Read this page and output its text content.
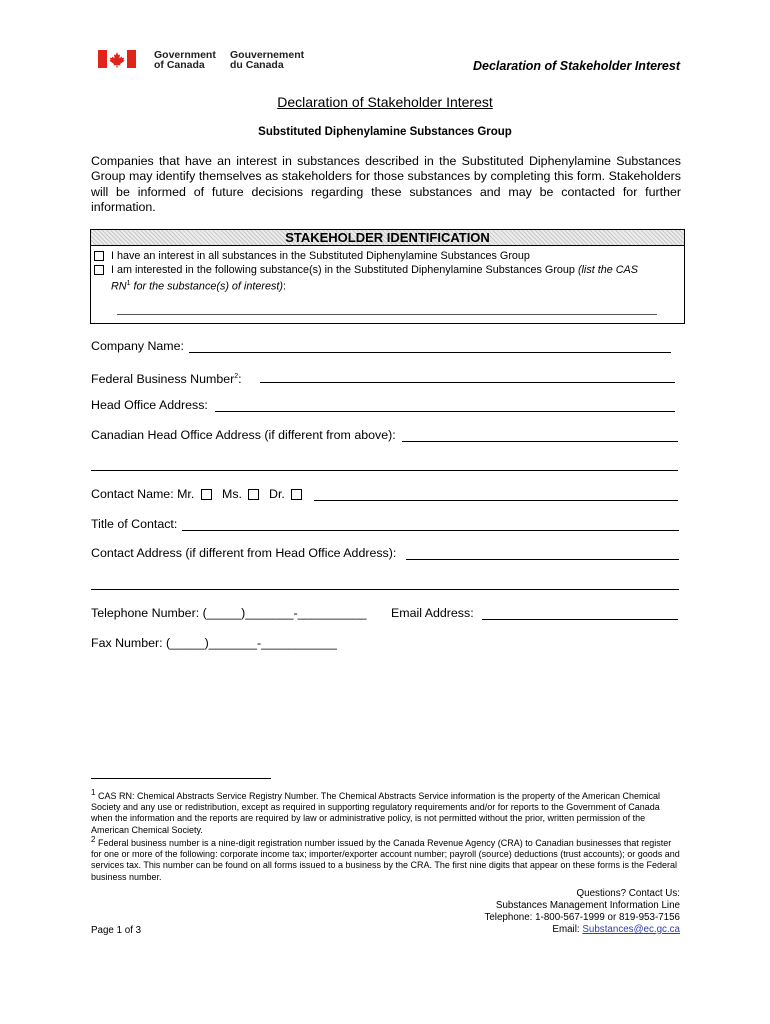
Government
of Canada
Gouvernement
du Canada	Declaration of Stakeholder Interest
Declaration of Stakeholder Interest
Substituted Diphenylamine Substances Group
Companies that have an interest in substances described in the Substituted Diphenylamine Substances Group may identify themselves as stakeholders for those substances by completing this form. Stakeholders will be informed of future decisions regarding these substances and may be contacted for further information.
STAKEHOLDER IDENTIFICATION
I have an interest in all substances in the Substituted Diphenylamine Substances Group
I am interested in the following substance(s) in the Substituted Diphenylamine Substances Group (list the CAS
$RN^1$ for the substance(s) of interest):
Company Name:
Federal Business Number$^2$:
Head Office Address:
Canadian Head Office Address (if different from above):
Contact Name: Mr. Ms. Dr.
Title of Contact:
Contact Address (if different from Head Office Address):
Telephone Number: (_____)_______-__________ Email Address:
Fax Number: (_____)_______-___________
$^1$ CAS RN: Chemical Abstracts Service Registry Number. The Chemical Abstracts Service information is the property of the American Chemical Society and any use or redistribution, except as required in supporting regulatory requirements and/or for reports to the Government of Canada when the information and the reports are required by law or administrative policy, is not permitted without the prior, written permission of the American Chemical Society.
$^2$ Federal business number is a nine-digit registration number issued by the Canada Revenue Agency (CRA) to Canadian businesses that register for one or more of the following: corporate income tax; importer/exporter account number; payroll (source) deductions (trust accounts); or goods and services tax. This number can be found on all forms issued to a business by the CRA. The first nine digits that appear on these forms is the Federal business number.
Questions? Contact Us:
Substances Management Information Line
Telephone: 1-800-567-1999 or 819-953-7156
Email: Substances@ec.gc.ca
Page 1 of 3
